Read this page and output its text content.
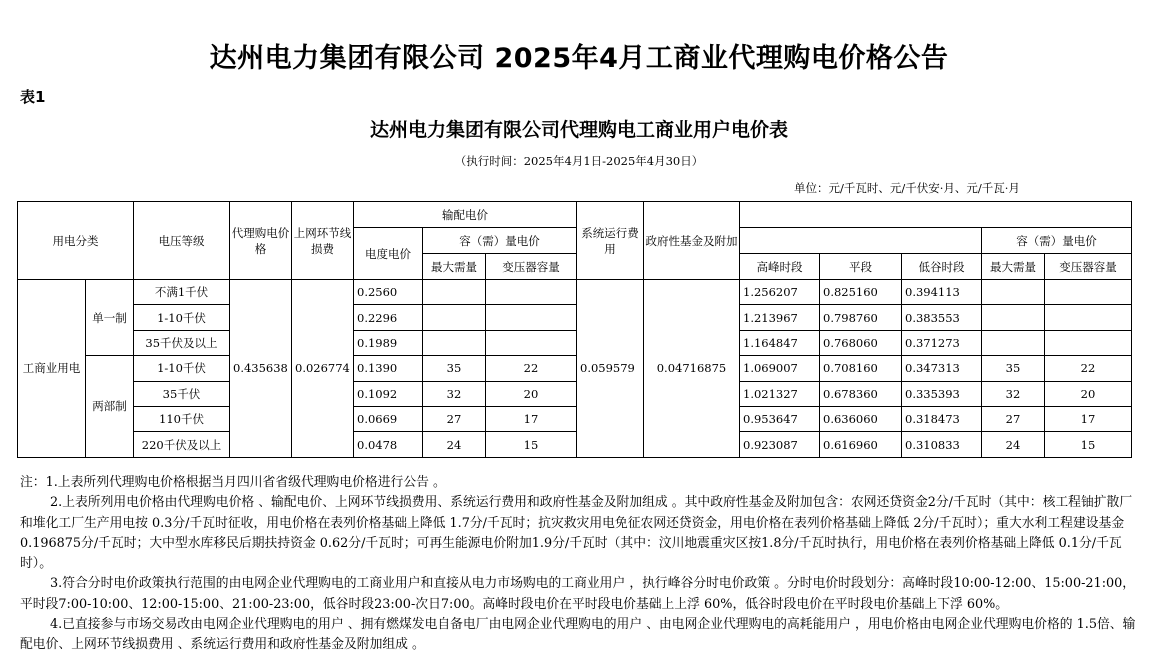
达州电力集团有限公司 2025年4月工商业代理购电价格公告
表1
达州电力集团有限公司代理购电工商业用户电价表
（执行时间：2025年4月1日-2025年4月30日）
单位：元/千瓦时、元/千伏安·月、元/千瓦·月
用电分类		电压等级	代理购电价格	上网环节线损费	输配电价			系统运行费用	政府性基金及附加					
					电度电价	容（需）量电价							容（需）量电价	
						最大需量	变压器容量			高峰时段	平段	低谷时段	最大需量	变压器容量
工商业用电	单一制	不满1千伏	0.435638	0.026774	0.2560			0.059579	0.04716875	1.256207	0.825160	0.394113		
		1-10千伏			0.2296					1.213967	0.798760	0.383553		
		35千伏及以上			0.1989					1.164847	0.768060	0.371273		
	两部制	1-10千伏			0.1390	35	22			1.069007	0.708160	0.347313	35	22
		35千伏			0.1092	32	20			1.021327	0.678360	0.335393	32	20
		110千伏			0.0669	27	17			0.953647	0.636060	0.318473	27	17
		220千伏及以上			0.0478	24	15			0.923087	0.616960	0.310833	24	15

注：1.上表所列代理购电价格根据当月四川省省级代理购电价格进行公告 。

2.上表所列用电价格由代理购电价格 、输配电价、上网环节线损费用、系统运行费用和政府性基金及附加组成 。其中政府性基金及附加包含：农网还贷资金2分/千瓦时（其中：核工程铀扩散厂和堆化工厂生产用电按 0.3分/千瓦时征收，用电价格在表列价格基础上降低 1.7分/千瓦时；抗灾救灾用电免征农网还贷资金，用电价格在表列价格基础上降低 2分/千瓦时）；重大水利工程建设基金 0.196875分/千瓦时；大中型水库移民后期扶持资金 0.62分/千瓦时；可再生能源电价附加1.9分/千瓦时（其中：汶川地震重灾区按1.8分/千瓦时执行，用电价格在表列价格基础上降低 0.1分/千瓦时）。

3.符合分时电价政策执行范围的由电网企业代理购电的工商业用户和直接从电力市场购电的工商业用户 ，执行峰谷分时电价政策 。分时电价时段划分：高峰时段10:00-12:00、15:00-21:00，平时段7:00-10:00、12:00-15:00、21:00-23:00，低谷时段23:00-次日7:00。高峰时段电价在平时段电价基础上上浮 60%，低谷时段电价在平时段电价基础上下浮 60%。

4.已直接参与市场交易改由电网企业代理购电的用户 、拥有燃煤发电自备电厂由电网企业代理购电的用户 、由电网企业代理购电的高耗能用户 ，用电价格由电网企业代理购电价格的 1.5倍、输配电价、上网环节线损费用 、系统运行费用和政府性基金及附加组成 。
